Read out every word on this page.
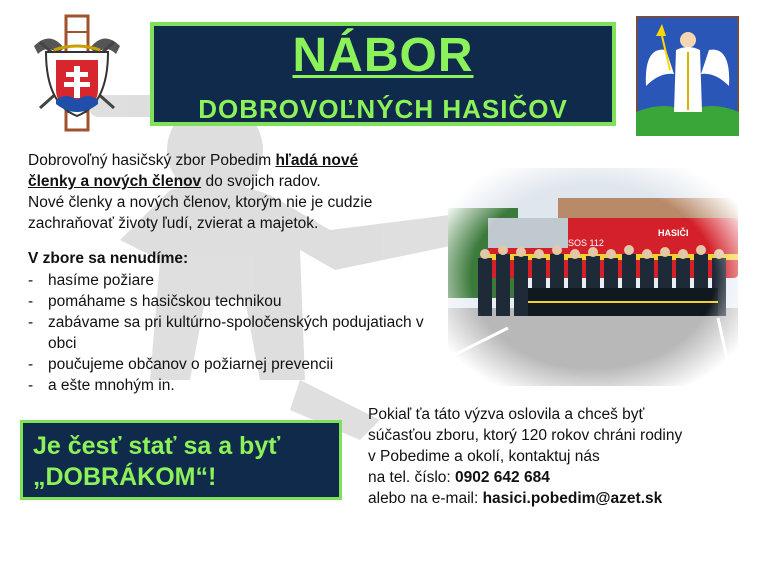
NÁBOR
DOBROVOĽNÝCH HASIČOV
Dobrovoľný hasičský zbor Pobedim hľadá nové
členky a nových členov do svojich radov.
Nové členky a nových členov, ktorým nie je cudzie
zachraňovať životy ľudí, zvierat a majetok.
V zbore sa nenudíme:
- hasíme požiare
- pomáhame s hasičskou technikou
- zabávame sa pri kultúrno-spoločenských podujatiach v obci
- poučujeme občanov o požiarnej prevencii
- a ešte mnohým in.
Je česť stať sa a byť
„DOBRÁKOM“!
Pokiaľ ťa táto výzva oslovila a chceš byť
súčasťou zboru, ktorý 120 rokov chráni rodiny
v Pobedime a okolí, kontaktuj nás
na tel. číslo: 0902 642 684
alebo na e-mail: hasici.pobedim@azet.sk
